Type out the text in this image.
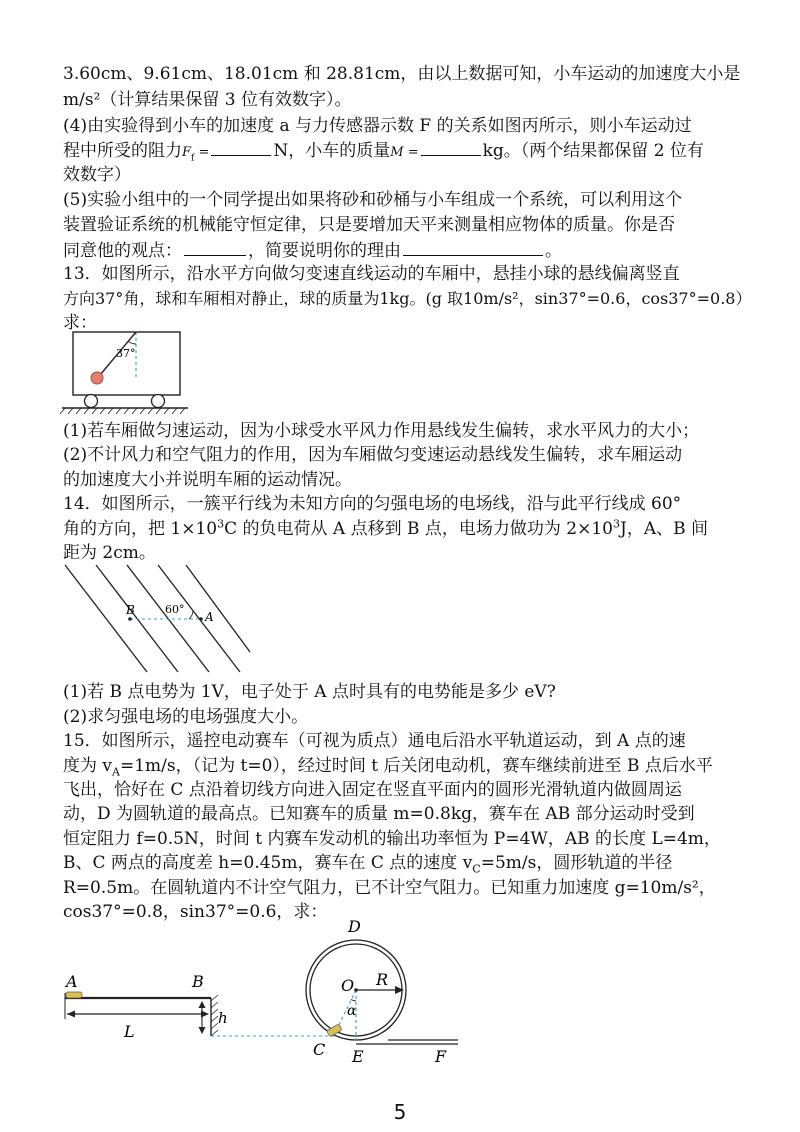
3.60cm、9.61cm、18.01cm 和 28.81cm，由以上数据可知，小车运动的加速度大小是
m/s²（计算结果保留 3 位有效数字）。
(4)由实验得到小车的加速度 a 与力传感器示数 F 的关系如图丙所示，则小车运动过
程中所受的阻力$F_f$ =	N，小车的质量M =	kg。（两个结果都保留 2 位有
效数字）
(5)实验小组中的一个同学提出如果将砂和砂桶与小车组成一个系统，可以利用这个
装置验证系统的机械能守恒定律，只是要增加天平来测量相应物体的质量。你是否
同意他的观点：	，简要说明你的理由	。
13．如图所示，沿水平方向做匀变速直线运动的车厢中，悬挂小球的悬线偏离竖直
方向37°角，球和车厢相对静止，球的质量为1kg。(g 取10m/s²，sin37°=0.6，cos37°=0.8）
求：
37°
(1)若车厢做匀速运动，因为小球受水平风力作用悬线发生偏转，求水平风力的大小；
(2)不计风力和空气阻力的作用，因为车厢做匀变速运动悬线发生偏转，求车厢运动
的加速度大小并说明车厢的运动情况。
14．如图所示，一簇平行线为未知方向的匀强电场的电场线，沿与此平行线成 60°
角的方向，把 $1\times 10^3C$ 的负电荷从 A 点移到 B 点，电场力做功为 $2\times 10^3J$，A、B 间
距为 2cm。
B	A
60°
(1)若 B 点电势为 1V，电子处于 A 点时具有的电势能是多少 eV?
(2)求匀强电场的电场强度大小。
15．如图所示，遥控电动赛车（可视为质点）通电后沿水平轨道运动，到 A 点的速
度为 $v_A=1m/s$，（记为 t=0），经过时间 t 后关闭电动机，赛车继续前进至 B 点后水平
飞出，恰好在 C 点沿着切线方向进入固定在竖直平面内的圆形光滑轨道内做圆周运
动，D 为圆轨道的最高点。已知赛车的质量 m=0.8kg，赛车在 AB 部分运动时受到
恒定阻力 f=0.5N，时间 t 内赛车发动机的输出功率恒为 P=4W，AB 的长度 L=4m，
B、C 两点的高度差 h=0.45m，赛车在 C 点的速度 $v_C=5m/s$，圆形轨道的半径
R=0.5m。在圆轨道内不计空气阻力，已不计空气阻力。已知重力加速度 g=10m/s²，
cos37°=0.8，sin37°=0.6，求：
A	B
L
h
C
D
O R
α
E	F
5
